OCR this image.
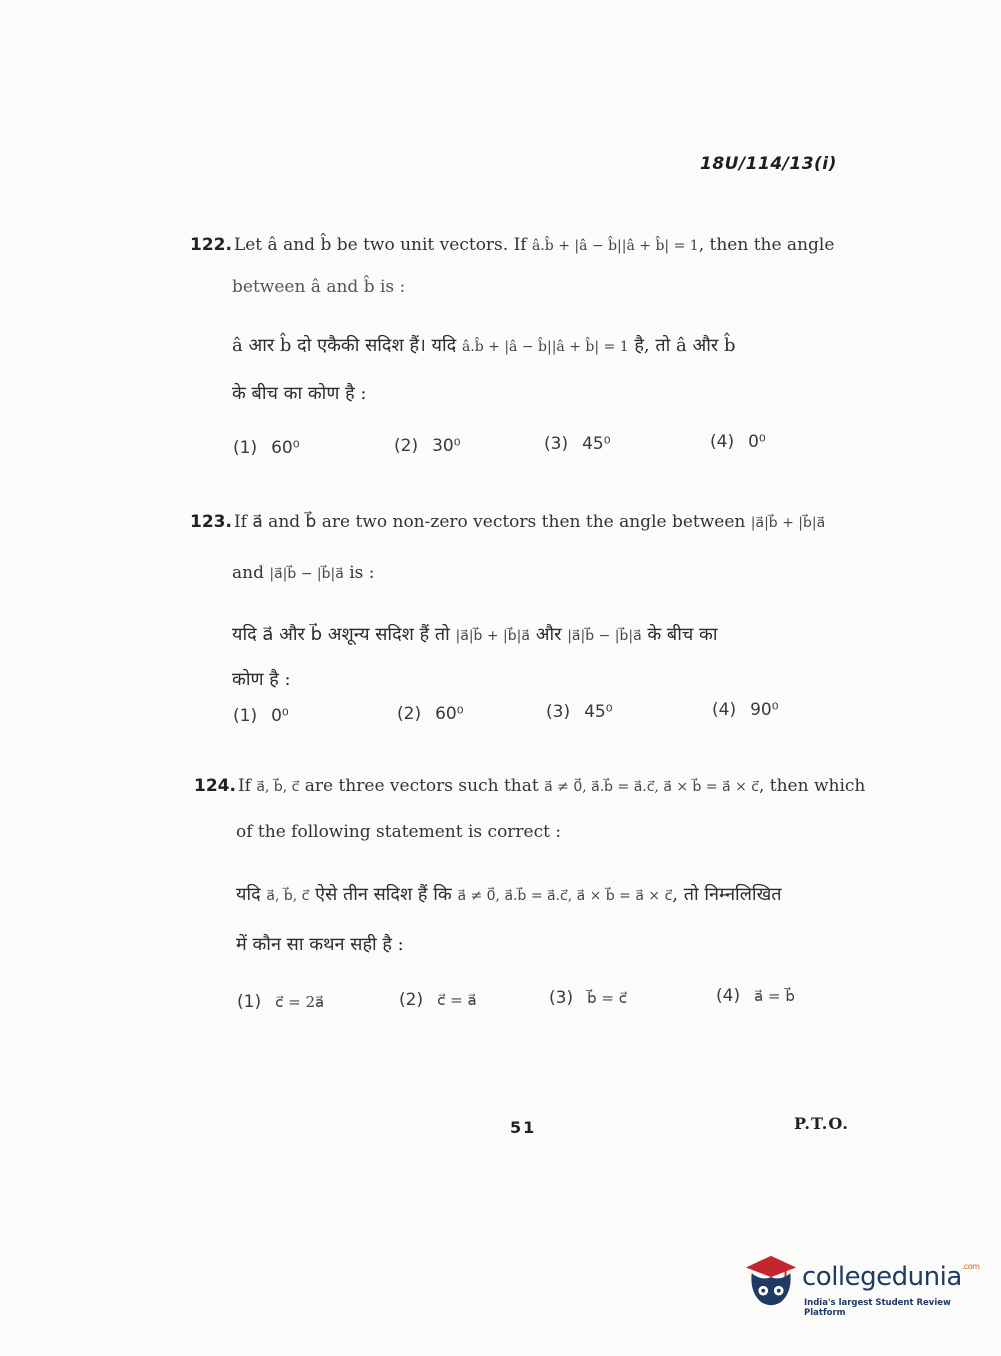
18U/114/13(i)
122. Let â and b̂ be two unit vectors. If â.b̂ + |â − b̂||â + b̂| = 1, then the angle
between â and b̂ is :
â आर b̂ दो एकैकी सदिश हैं। यदि â.b̂ + |â − b̂||â + b̂| = 1 है, तो â और b̂
के बीच का कोण है :
(1) 60⁰	(2) 30⁰	(3) 45⁰	(4) 0⁰
123. If a⃗ and b⃗ are two non-zero vectors then the angle between |a⃗|b⃗ + |b⃗|a⃗
and |a⃗|b⃗ − |b⃗|a⃗ is :
यदि a⃗ और b⃗ अशून्य सदिश हैं तो |a⃗|b⃗ + |b⃗|a⃗ और |a⃗|b⃗ − |b⃗|a⃗ के बीच का
कोण है :
(1) 0⁰	(2) 60⁰	(3) 45⁰	(4) 90⁰
124. If a⃗, b⃗, c⃗ are three vectors such that a⃗ ≠ 0⃗, a⃗.b⃗ = a⃗.c⃗, a⃗ × b⃗ = a⃗ × c⃗, then which
of the following statement is correct :
यदि a⃗, b⃗, c⃗ ऐसे तीन सदिश हैं कि a⃗ ≠ 0⃗, a⃗.b⃗ = a⃗.c⃗, a⃗ × b⃗ = a⃗ × c⃗, तो निम्नलिखित
में कौन सा कथन सही है :
(1) c⃗ = 2a⃗	(2) c⃗ = a⃗	(3) b⃗ = c⃗	(4) a⃗ = b⃗
51	P.T.O.
collegedunia$^{.com}$
India's largest Student Review Platform
